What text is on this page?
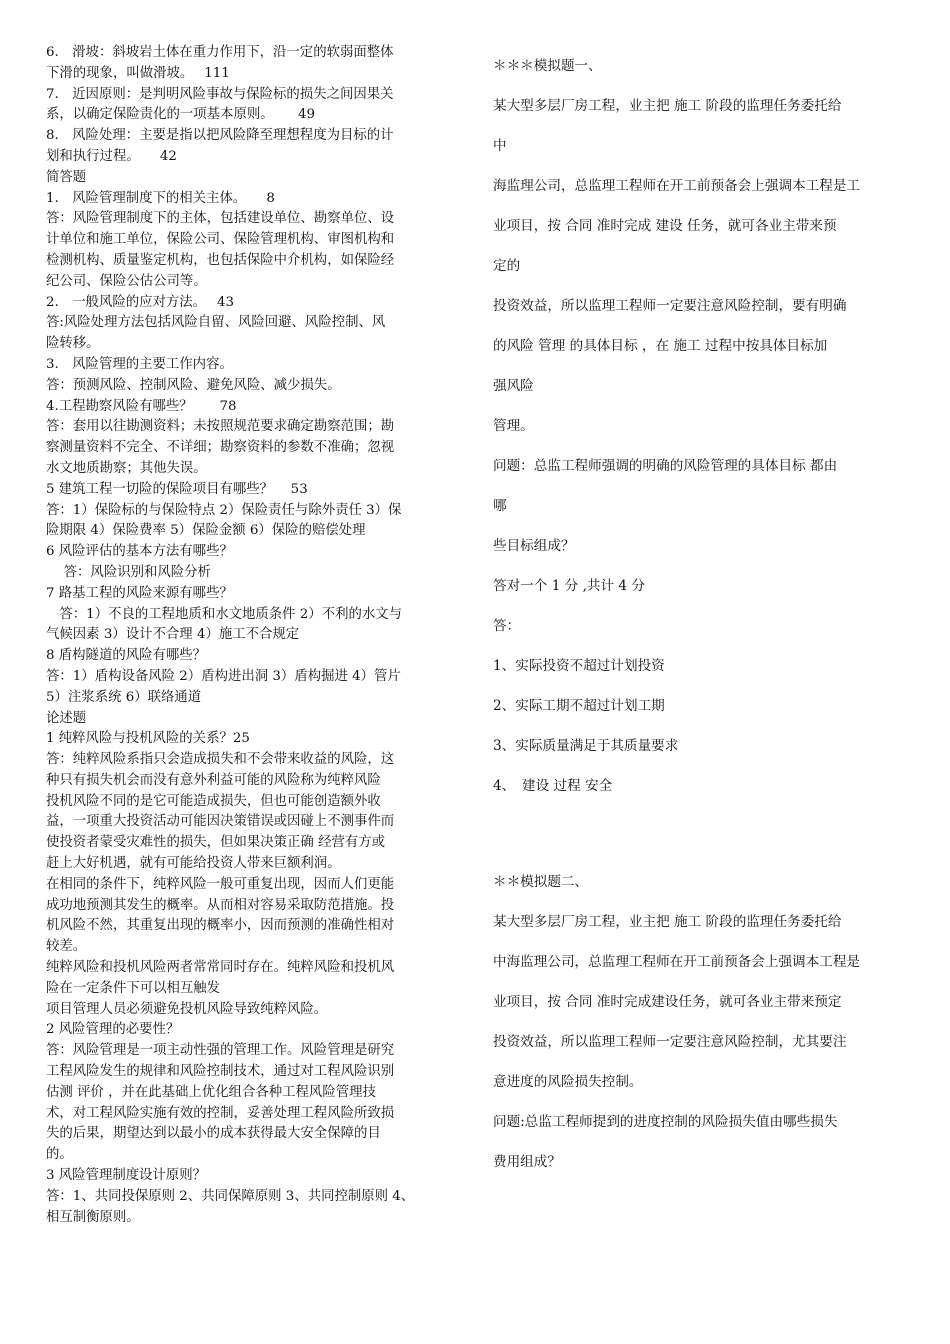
6.　滑坡：斜坡岩土体在重力作用下，沿一定的软弱面整体

下滑的现象，叫做滑坡。　 111

7.　近因原则：是判明风险事故与保险标的损失之间因果关

系，以确定保险责化的一项基本原则。　　 49

8.　风险处理：主要是指以把风险降至理想程度为目标的计

划和执行过程。　　42

简答题

1.　风险管理制度下的相关主体。　　8

答：风险管理制度下的主体，包括建设单位、勘察单位、设

计单位和施工单位，保险公司、保险管理机构、审图机构和

检测机构、质量鉴定机构，也包括保险中介机构，如保险经

纪公司、保险公估公司等。

2.　一般风险的应对方法。　 43

答:风险处理方法包括风险自留、风险回避、风险控制、风

险转移。

3.　风险管理的主要工作内容。

答：预测风险、控制风险、避免风险、减少损失。

4.工程勘察风险有哪些？　　78

答：套用以往勘测资料；未按照规范要求确定勘察范围；勘

察测量资料不完全、不详细；勘察资料的参数不准确；忽视

水文地质勘察；其他失误。

5 建筑工程一切险的保险项目有哪些？　 53

答：1）保险标的与保险特点 2）保险责任与除外责任 3）保

险期限 4）保险费率 5）保险金额 6）保险的赔偿处理

6 风险评估的基本方法有哪些？

　 答：风险识别和风险分析

7 路基工程的风险来源有哪些？

　答：1）不良的工程地质和水文地质条件 2）不利的水文与

气候因素 3）设计不合理 4）施工不合规定

8 盾构隧道的风险有哪些？

答：1）盾构设备风险 2）盾构进出洞 3）盾构掘进 4）管片

5）注浆系统 6）联络通道

论述题

1 纯粹风险与投机风险的关系？25

答：纯粹风险系指只会造成损失和不会带来收益的风险，这

种只有损失机会而没有意外利益可能的风险称为纯粹风险

投机风险不同的是它可能造成损失，但也可能创造额外收

益，一项重大投资活动可能因决策错误或因碰上不测事件而

使投资者蒙受灾难性的损失，但如果决策正确 经营有方或

赶上大好机遇，就有可能给投资人带来巨额利润。

在相同的条件下，纯粹风险一般可重复出现，因而人们更能

成功地预测其发生的概率。从而相对容易采取防范措施。投

机风险不然，其重复出现的概率小，因而预测的准确性相对

较差。

纯粹风险和投机风险两者常常同时存在。纯粹风险和投机风

险在一定条件下可以相互触发

项目管理人员必须避免投机风险导致纯粹风险。

2 风险管理的必要性？

答：风险管理是一项主动性强的管理工作。风险管理是研究

工程风险发生的规律和风险控制技术，通过对工程风险识别

估测 评价 ，并在此基础上优化组合各种工程风险管理技

术，对工程风险实施有效的控制，妥善处理工程风险所致损

失的后果，期望达到以最小的成本获得最大安全保障的目

的。

3 风险管理制度设计原则？

答：1、共同投保原则 2、共同保障原则 3、共同控制原则 4、

相互制衡原则。

＊＊＊模拟题一、

某大型多层厂房工程，业主把 施工 阶段的监理任务委托给

中

海监理公司，总监理工程师在开工前预备会上强调本工程是工

业项目，按 合同 准时完成 建设 任务，就可各业主带来预

定的

投资效益，所以监理工程师一定要注意风险控制，要有明确

的风险 管理 的具体目标 ，在 施工 过程中按具体目标加

强风险

管理。

问题：总监工程师强调的明确的风险管理的具体目标 都由

哪

些目标组成？

答对一个 1 分 ,共计 4 分

答：

1、实际投资不超过计划投资

2、实际工期不超过计划工期

3、实际质量满足于其质量要求

4、　建设 过程 安全

＊＊模拟题二、

某大型多层厂房工程，业主把 施工 阶段的监理任务委托给

中海监理公司，总监理工程师在开工前预备会上强调本工程是

业项目，按 合同 准时完成建设任务，就可各业主带来预定

投资效益，所以监理工程师一定要注意风险控制，尤其要注

意进度的风险损失控制。

问题:总监工程师提到的进度控制的风险损失值由哪些损失

费用组成？
